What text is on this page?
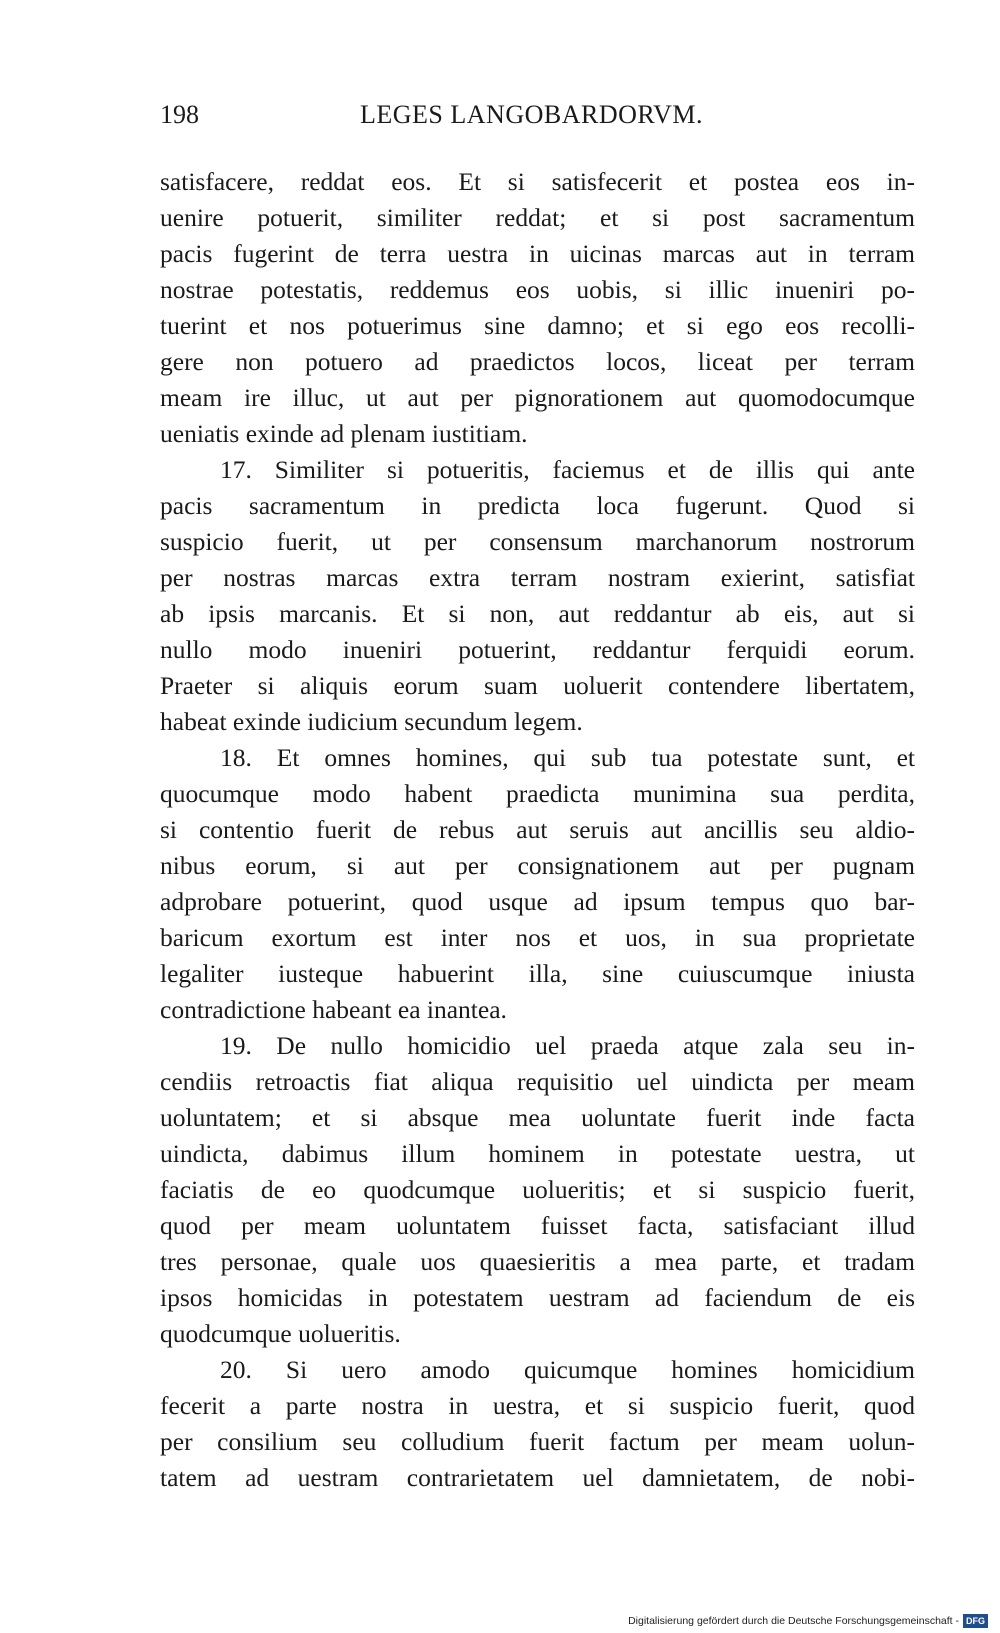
198	LEGES LANGOBARDORVM.
satisfacere, reddat eos. Et si satisfecerit et postea eos in-
uenire potuerit, similiter reddat; et si post sacramentum
pacis fugerint de terra uestra in uicinas marcas aut in terram
nostrae potestatis, reddemus eos uobis, si illic inueniri po-
tuerint et nos potuerimus sine damno; et si ego eos recolli-
gere non potuero ad praedictos locos, liceat per terram
meam ire illuc, ut aut per pignorationem aut quomodocumque
ueniatis exinde ad plenam iustitiam.
17. Similiter si potueritis, faciemus et de illis qui ante
pacis sacramentum in predicta loca fugerunt. Quod si
suspicio fuerit, ut per consensum marchanorum nostrorum
per nostras marcas extra terram nostram exierint, satisfiat
ab ipsis marcanis. Et si non, aut reddantur ab eis, aut si
nullo modo inueniri potuerint, reddantur ferquidi eorum.
Praeter si aliquis eorum suam uoluerit contendere libertatem,
habeat exinde iudicium secundum legem.
18. Et omnes homines, qui sub tua potestate sunt, et
quocumque modo habent praedicta munimina sua perdita,
si contentio fuerit de rebus aut seruis aut ancillis seu aldio-
nibus eorum, si aut per consignationem aut per pugnam
adprobare potuerint, quod usque ad ipsum tempus quo bar-
baricum exortum est inter nos et uos, in sua proprietate
legaliter iusteque habuerint illa, sine cuiuscumque iniusta
contradictione habeant ea inantea.
19. De nullo homicidio uel praeda atque zala seu in-
cendiis retroactis fiat aliqua requisitio uel uindicta per meam
uoluntatem; et si absque mea uoluntate fuerit inde facta
uindicta, dabimus illum hominem in potestate uestra, ut
faciatis de eo quodcumque uolueritis; et si suspicio fuerit,
quod per meam uoluntatem fuisset facta, satisfaciant illud
tres personae, quale uos quaesieritis a mea parte, et tradam
ipsos homicidas in potestatem uestram ad faciendum de eis
quodcumque uolueritis.
20. Si uero amodo quicumque homines homicidium
fecerit a parte nostra in uestra, et si suspicio fuerit, quod
per consilium seu colludium fuerit factum per meam uolun-
tatem ad uestram contrarietatem uel damnietatem, de nobi-
Digitalisierung gefördert durch die Deutsche Forschungsgemeinschaft - DFG
